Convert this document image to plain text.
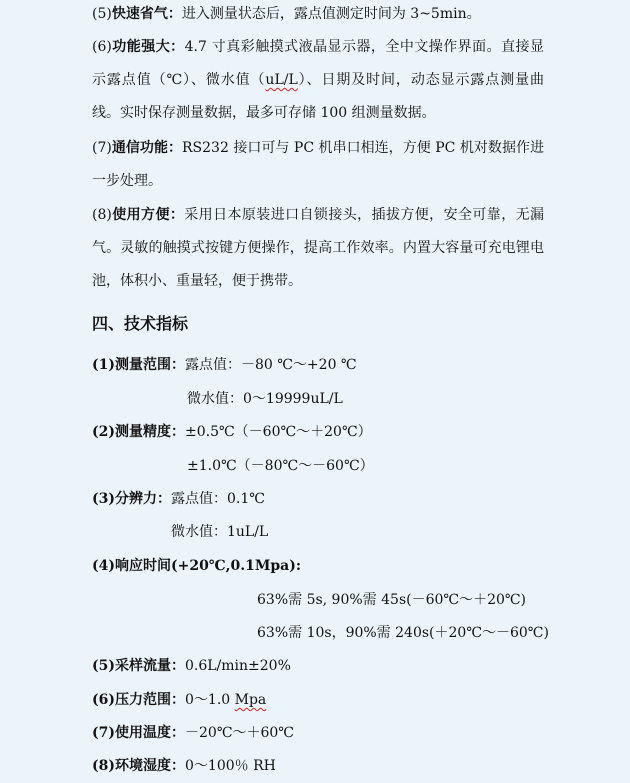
(5)快速省气：进入测量状态后，露点值测定时间为 3~5min。
(6)功能强大：4.7 寸真彩触摸式液晶显示器，全中文操作界面。直接显示露点值（℃）、微水值（uL/L）、日期及时间，动态显示露点测量曲线。实时保存测量数据，最多可存储 100 组测量数据。
(7)通信功能：RS232 接口可与 PC 机串口相连，方便 PC 机对数据作进一步处理。
(8)使用方便：采用日本原装进口自锁接头，插拔方便，安全可靠，无漏气。灵敏的触摸式按键方便操作，提高工作效率。内置大容量可充电锂电池，体积小、重量轻，便于携带。
四、技术指标
(1)测量范围：露点值：－80 ℃～+20 ℃
微水值：0～19999uL/L
(2)测量精度：±0.5℃（－60℃～＋20℃）
±1.0℃（－80℃～－60℃）
(3)分辨力：露点值：0.1℃
微水值：1uL/L
(4)响应时间(+20℃,0.1Mpa):
63%需 5s, 90%需 45s(－60℃～＋20℃)
63%需 10s，90%需 240s(＋20℃～－60℃)
(5)采样流量：0.6L/min±20%
(6)压力范围：0～1.0 Mpa
(7)使用温度：－20℃～＋60℃
(8)环境湿度：0～100％ RH
